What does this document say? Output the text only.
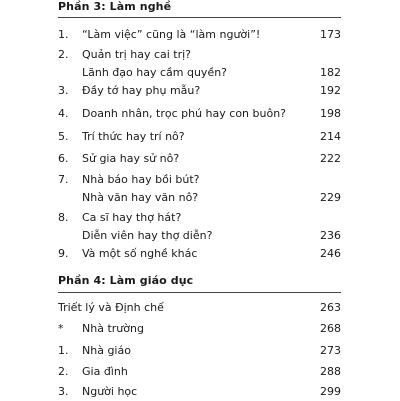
Phần 3: Làm nghề
1. “Làm việc” cũng là “làm người”!	173
2. Quản trị hay cai trị?
Lãnh đạo hay cầm quyền?	182
3. Đầy tớ hay phụ mẫu?	192
4. Doanh nhân, trọc phú hay con buôn?	198
5. Trí thức hay trí nô?	214
6. Sử gia hay sử nô?	222
7. Nhà báo hay bồi bút?
Nhà văn hay văn nô?	229
8. Ca sĩ hay thợ hát?
Diễn viên hay thợ diễn?	236
9. Và một số nghề khác	246
Phần 4: Làm giáo dục
Triết lý và Định chế	263
* Nhà trường	268
1. Nhà giáo	273
2. Gia đình	288
3. Người học	299
